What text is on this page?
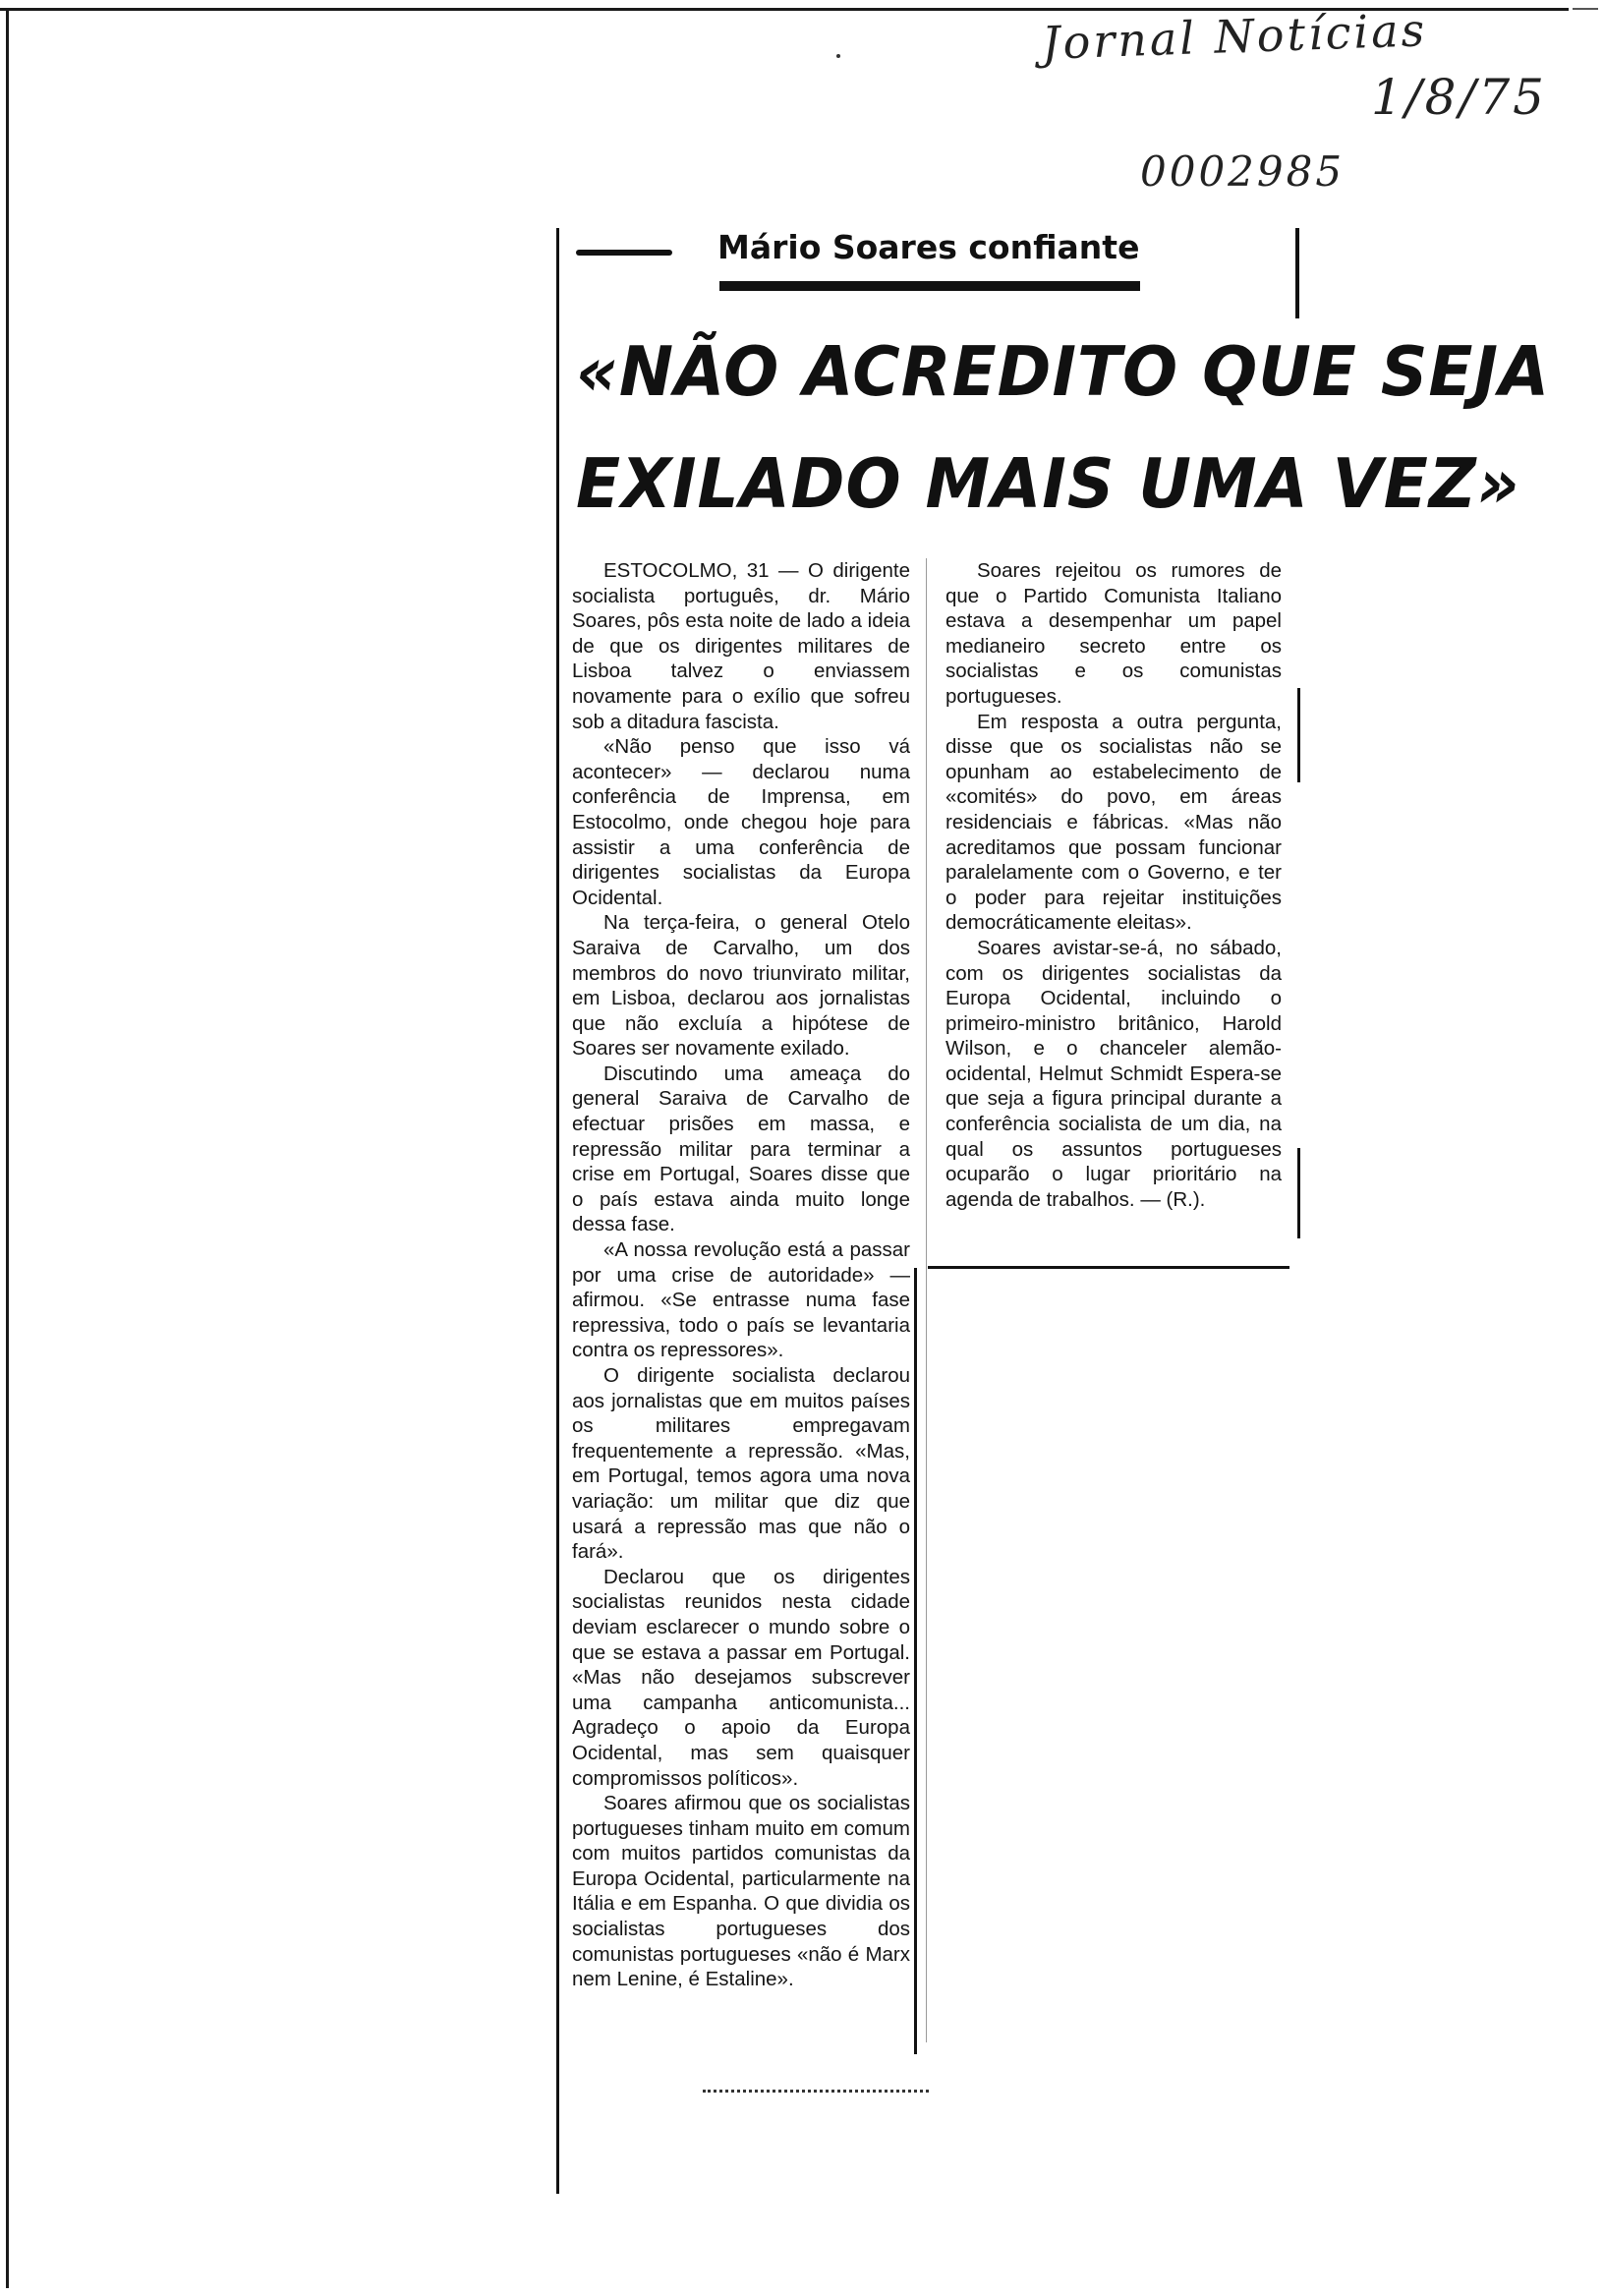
Jornal Notícias
1/8/75
0002985
Mário Soares confiante
«NÃO ACREDITO QUE SEJA
EXILADO MAIS UMA VEZ»

ESTOCOLMO, 31 — O dirigente socialista português, dr. Mário Soares, pôs esta noite de lado a ideia de que os dirigentes militares de Lisboa talvez o enviassem novamente para o exílio que sofreu sob a ditadura fascista.

«Não penso que isso vá acontecer» — declarou numa conferência de Imprensa, em Estocolmo, onde chegou hoje para assistir a uma conferência de dirigentes socialistas da Europa Ocidental.

Na terça-feira, o general Otelo Saraiva de Carvalho, um dos membros do novo triunvirato militar, em Lisboa, declarou aos jornalistas que não excluía a hipótese de Soares ser novamente exilado.

Discutindo uma ameaça do general Saraiva de Carvalho de efectuar prisões em massa, e repressão militar para terminar a crise em Portugal, Soares disse que o país estava ainda muito longe dessa fase.

«A nossa revolução está a passar por uma crise de autoridade» — afirmou. «Se entrasse numa fase repressiva, todo o país se levantaria contra os repressores».

O dirigente socialista declarou aos jornalistas que em muitos países os militares empregavam frequentemente a repressão. «Mas, em Portugal, temos agora uma nova variação: um militar que diz que usará a repressão mas que não o fará».

Declarou que os dirigentes socialistas reunidos nesta cidade deviam esclarecer o mundo sobre o que se estava a passar em Portugal. «Mas não desejamos subscrever uma campanha anticomunista... Agradeço o apoio da Europa Ocidental, mas sem quaisquer compromissos políticos».

Soares afirmou que os socialistas portugueses tinham muito em comum com muitos partidos comunistas da Europa Ocidental, particularmente na Itália e em Espanha. O que dividia os socialistas portugueses dos comunistas portugueses «não é Marx nem Lenine, é Estaline».

Soares rejeitou os rumores de que o Partido Comunista Italiano estava a desempenhar um papel medianeiro secreto entre os socialistas e os comunistas portugueses.

Em resposta a outra pergunta, disse que os socialistas não se opunham ao estabelecimento de «comités» do povo, em áreas residenciais e fábricas. «Mas não acreditamos que possam funcionar paralelamente com o Governo, e ter o poder para rejeitar instituições democráticamente eleitas».

Soares avistar-se-á, no sábado, com os dirigentes socialistas da Europa Ocidental, incluindo o primeiro-ministro britânico, Harold Wilson, e o chanceler alemão-ocidental, Helmut Schmidt Espera-se que seja a figura principal durante a conferência socialista de um dia, na qual os assuntos portugueses ocuparão o lugar prioritário na agenda de trabalhos. — (R.).
